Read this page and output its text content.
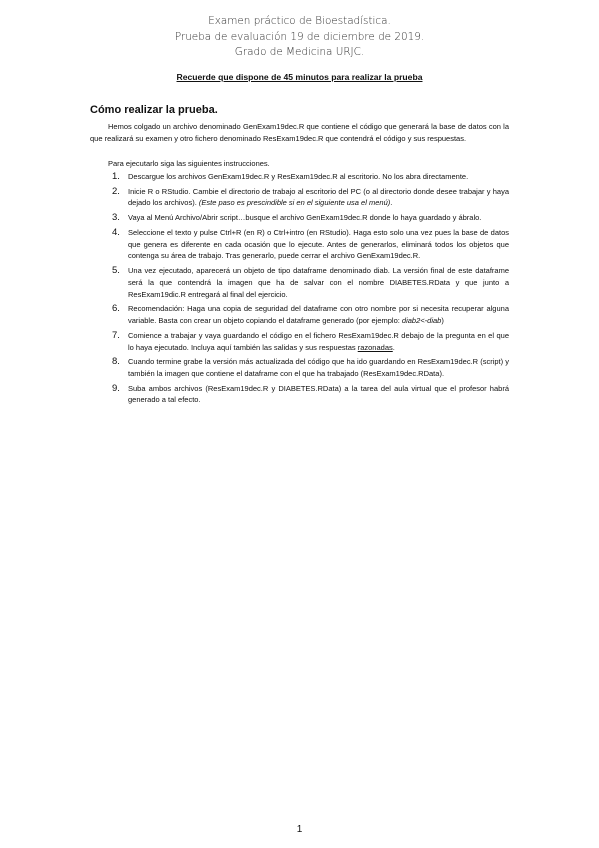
Examen práctico de Bioestadística.
Prueba de evaluación 19 de diciembre de 2019.
Grado de Medicina URJC.
Recuerde que dispone de 45 minutos para realizar la prueba
Cómo realizar la prueba.
Hemos colgado un archivo denominado GenExam19dec.R que contiene el código que generará la base de datos con la que realizará su examen y otro fichero denominado ResExam19dec.R que contendrá el código y sus respuestas.
Para ejecutarlo siga las siguientes instrucciones.
1. Descargue los archivos GenExam19dec.R y ResExam19dec.R al escritorio. No los abra directamente.
2. Inicie R o RStudio. Cambie el directorio de trabajo al escritorio del PC (o al directorio donde desee trabajar y haya dejado los archivos). (Este paso es prescindible si en el siguiente usa el menú).
3. Vaya al Menú Archivo/Abrir script…busque el archivo GenExam19dec.R donde lo haya guardado y ábralo.
4. Seleccione el texto y pulse Ctrl+R (en R) o Ctrl+intro (en RStudio). Haga esto solo una vez pues la base de datos que genera es diferente en cada ocasión que lo ejecute. Antes de generarlos, eliminará todos los objetos que contenga su área de trabajo. Tras generarlo, puede cerrar el archivo GenExam19dec.R.
5. Una vez ejecutado, aparecerá un objeto de tipo dataframe denominado diab. La versión final de este dataframe será la que contendrá la imagen que ha de salvar con el nombre DIABETES.RData y que junto a ResExam19dic.R entregará al final del ejercicio.
6. Recomendación: Haga una copia de seguridad del dataframe con otro nombre por si necesita recuperar alguna variable. Basta con crear un objeto copiando el dataframe generado (por ejemplo: diab2<-diab)
7. Comience a trabajar y vaya guardando el código en el fichero ResExam19dec.R debajo de la pregunta en el que lo haya ejecutado. Incluya aquí también las salidas y sus respuestas razonadas.
8. Cuando termine grabe la versión más actualizada del código que ha ido guardando en ResExam19dec.R (script) y también la imagen que contiene el dataframe con el que ha trabajado (ResExam19dec.RData).
9. Suba ambos archivos (ResExam19dec.R y DIABETES.RData) a la tarea del aula virtual que el profesor habrá generado a tal efecto.
1
